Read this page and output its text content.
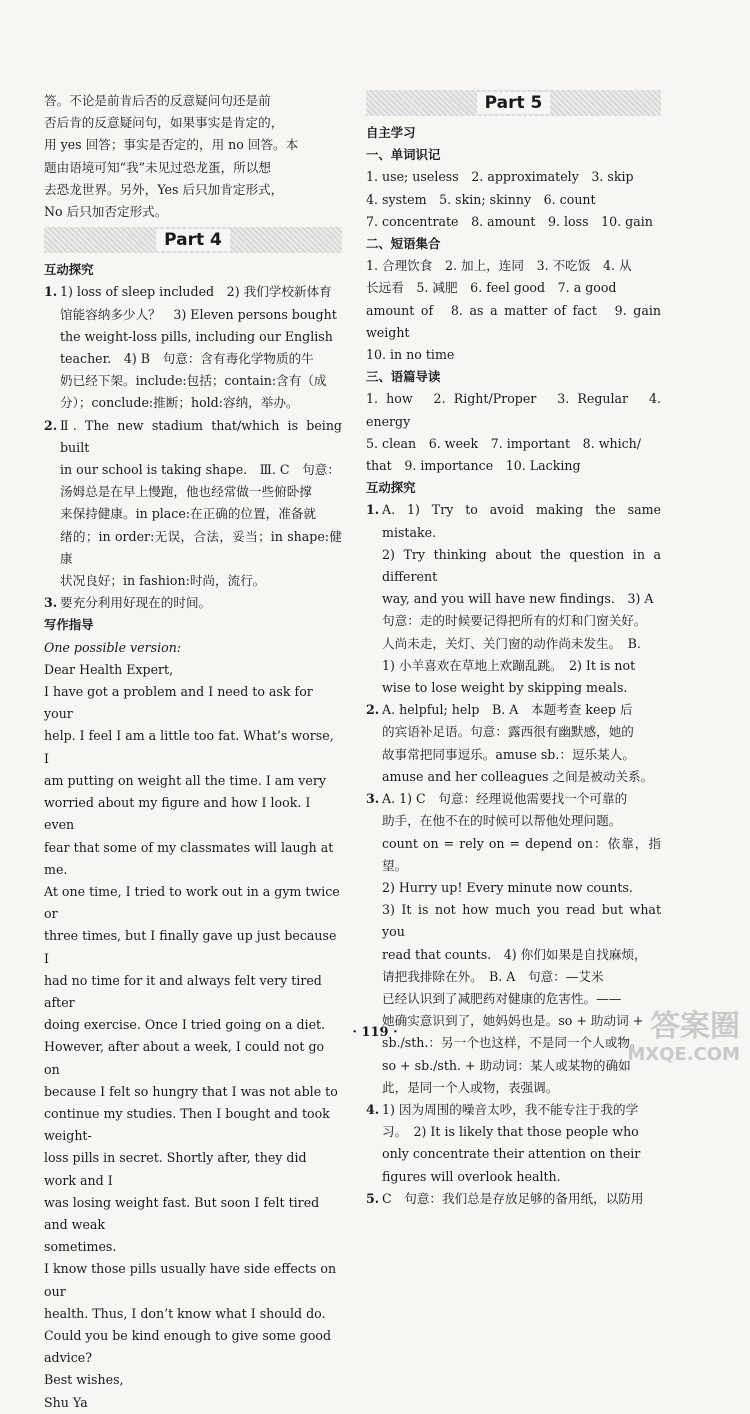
答。不论是前肯后否的反意疑问句还是前

否后肯的反意疑问句，如果事实是肯定的，

用 yes 回答；事实是否定的，用 no 回答。本

题由语境可知“我”未见过恐龙蛋，所以想

去恐龙世界。另外，Yes 后只加肯定形式，

No 后只加否定形式。

Part 4

互动探究

1. 1) loss of sleep included　2) 我们学校新体育

馆能容纳多少人？　3) Eleven persons bought

the weight-loss pills, including our English

teacher.　4) B　句意：含有毒化学物质的牛

奶已经下架。include:包括；contain:含有（成

分）；conclude:推断；hold:容纳，举办。

2. Ⅱ. The new stadium that/which is being built

in our school is taking shape.　Ⅲ. C　句意：

汤姆总是在早上慢跑，他也经常做一些俯卧撑

来保持健康。in place:在正确的位置，准备就

绪的；in order:无误，合法，妥当；in shape:健康

状况良好；in fashion:时尚，流行。

3. 要充分利用好现在的时间。

写作指导

One possible version:

Dear Health Expert,

I have got a problem and I need to ask for your

help. I feel I am a little too fat. What’s worse, I

am putting on weight all the time. I am very

worried about my figure and how I look. I even

fear that some of my classmates will laugh at me.

At one time, I tried to work out in a gym twice or

three times, but I finally gave up just because I

had no time for it and always felt very tired after

doing exercise. Once I tried going on a diet.

However, after about a week, I could not go on

because I felt so hungry that I was not able to

continue my studies. Then I bought and took weight-

loss pills in secret. Shortly after, they did work and I

was losing weight fast. But soon I felt tired and weak

sometimes.

I know those pills usually have side effects on our

health. Thus, I don’t know what I should do.

Could you be kind enough to give some good advice?

Best wishes,

Shu Ya

Part 5

自主学习

一、单词识记

1. use; useless　2. approximately　3. skip

4. system　5. skin; skinny　6. count

7. concentrate　8. amount　9. loss　10. gain

二、短语集合

1. 合理饮食　2. 加上，连同　3. 不吃饭　4. 从

长远看　5. 减肥　6. feel good　7. a good

amount of　8. as a matter of fact　9. gain weight

10. in no time

三、语篇导读

1. how　2. Right/Proper　3. Regular　4. energy

5. clean　6. week　7. important　8. which/

that　9. importance　10. Lacking

互动探究

1. A. 1) Try to avoid making the same mistake.

2) Try thinking about the question in a different

way, and you will have new findings.　3) A

句意：走的时候要记得把所有的灯和门窗关好。

人尚未走，关灯、关门窗的动作尚未发生。　B.

1) 小羊喜欢在草地上欢蹦乱跳。　2) It is not

wise to lose weight by skipping meals.

2. A. helpful; help　B. A　本题考查 keep 后

的宾语补足语。句意：露西很有幽默感，她的

故事常把同事逗乐。amuse sb.：逗乐某人。

amuse and her colleagues 之间是被动关系。

3. A. 1) C　句意：经理说他需要找一个可靠的

助手，在他不在的时候可以帮他处理问题。

count on = rely on = depend on：依靠，指望。

2) Hurry up! Every minute now counts.

3) It is not how much you read but what you

read that counts.　4) 你们如果是自找麻烦，

请把我排除在外。　B. A　句意：—艾米

已经认识到了减肥药对健康的危害性。——

她确实意识到了，她妈妈也是。so + 助动词 +

sb./sth.：另一个也这样，不是同一个人或物。

so + sb./sth. + 助动词：某人或某物的确如

此，是同一个人或物，表强调。

4. 1) 因为周围的噪音太吵，我不能专注于我的学

习。　2) It is likely that those people who

only concentrate their attention on their

figures will overlook health.

5. C　句意：我们总是存放足够的备用纸，以防用

· 119 ·	答案圈
MXQE.COM
